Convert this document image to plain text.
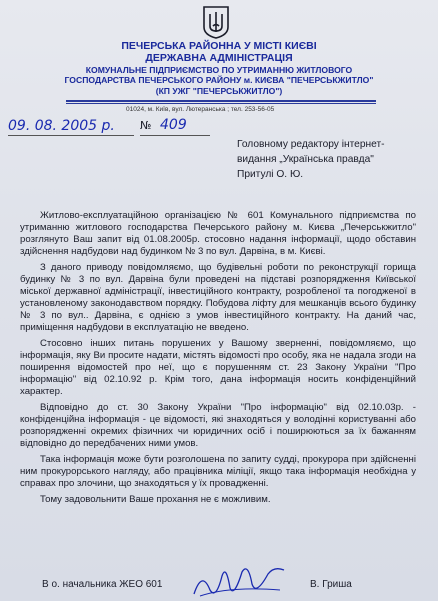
ПЕЧЕРСЬКА РАЙОННА У МІСТІ КИЄВІ
ДЕРЖАВНА АДМІНІСТРАЦІЯ
КОМУНАЛЬНЕ ПІДПРИЄМСТВО ПО УТРИМАННЮ ЖИТЛОВОГО
ГОСПОДАРСТВА ПЕЧЕРСЬКОГО РАЙОНУ м. КИЄВА "ПЕЧЕРСЬКЖИТЛО"
(КП УЖГ "ПЕЧЕРСЬКЖИТЛО")
01024, м. Київ, вул. Лютеранська ; тел. 253-56-05
09. 08. 2005 р. № 409
Головному редактору інтернет-
видання „Українська правда"
Притулі О. Ю.

Житлово-експлуатаційною організацією № 601 Комунального підприємства по утриманню житлового господарства Печерського району м. Києва „Печерськжитло" розглянуто Ваш запит від 01.08.2005р. стосовно надання інформації, щодо обставин здійснення надбудови над будинком № 3 по вул. Дарвіна, в м. Києві.

З даного приводу повідомляємо, що будівельні роботи по реконструкції горища будинку № 3 по вул. Дарвіна були проведені на підставі розпорядження Київської міської державної адміністрації, інвестиційного контракту, розробленої та погодженої в установленому законодавством порядку. Побудова ліфту для мешканців всього будинку № 3 по вул.. Дарвіна, є однією з умов інвестиційного контракту. На даний час, приміщення надбудови в експлуатацію не введено.

Стосовно інших питань порушених у Вашому зверненні, повідомляємо, що інформація, яку Ви просите надати, містять відомості про особу, яка не надала згоди на поширення відомостей про неї, що є порушенням ст. 23 Закону України "Про інформацію" від 02.10.92 р. Крім того, дана інформація носить конфіденційний характер.

Відповідно до ст. 30 Закону України "Про інформацію" від 02.10.03р. - конфіденційна інформація - це відомості, які знаходяться у володінні користуванні або розпорядженні окремих фізичних чи юридичних осіб і поширюються за їх бажанням відповідно до передбачених ними умов.

Така інформація може бути розголошена по запиту судді, прокурора при здійсненні ним прокурорського нагляду, або працівника міліції, якщо така інформація необхідна у справах про злочини, що знаходяться у їх провадженні.

Тому задовольнити Ваше прохання не є можливим.

В о. начальника ЖЕО 601	В. Гриша
